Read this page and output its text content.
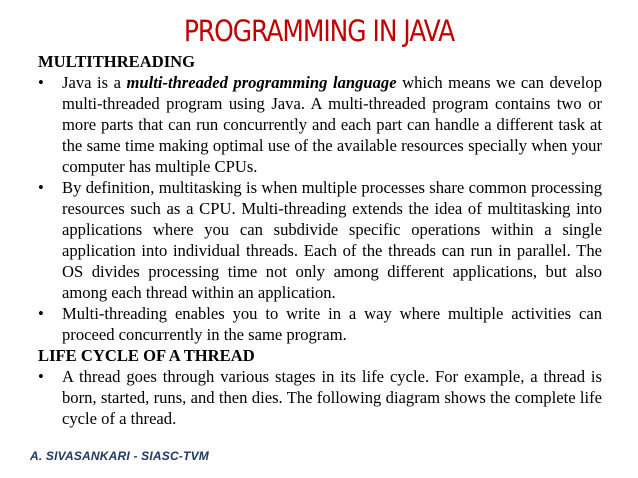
PROGRAMMING IN JAVA

MULTITHREADING

• Java is a multi-threaded programming language which means we can develop multi-threaded program using Java. A multi-threaded program contains two or more parts that can run concurrently and each part can handle a different task at the same time making optimal use of the available resources specially when your computer has multiple CPUs.

• By definition, multitasking is when multiple processes share common processing resources such as a CPU. Multi-threading extends the idea of multitasking into applications where you can subdivide specific operations within a single application into individual threads. Each of the threads can run in parallel. The OS divides processing time not only among different applications, but also among each thread within an application.

• Multi-threading enables you to write in a way where multiple activities can proceed concurrently in the same program.

LIFE CYCLE OF A THREAD

• A thread goes through various stages in its life cycle. For example, a thread is born, started, runs, and then dies. The following diagram shows the complete life cycle of a thread.

A. SIVASANKARI - SIASC-TVM
